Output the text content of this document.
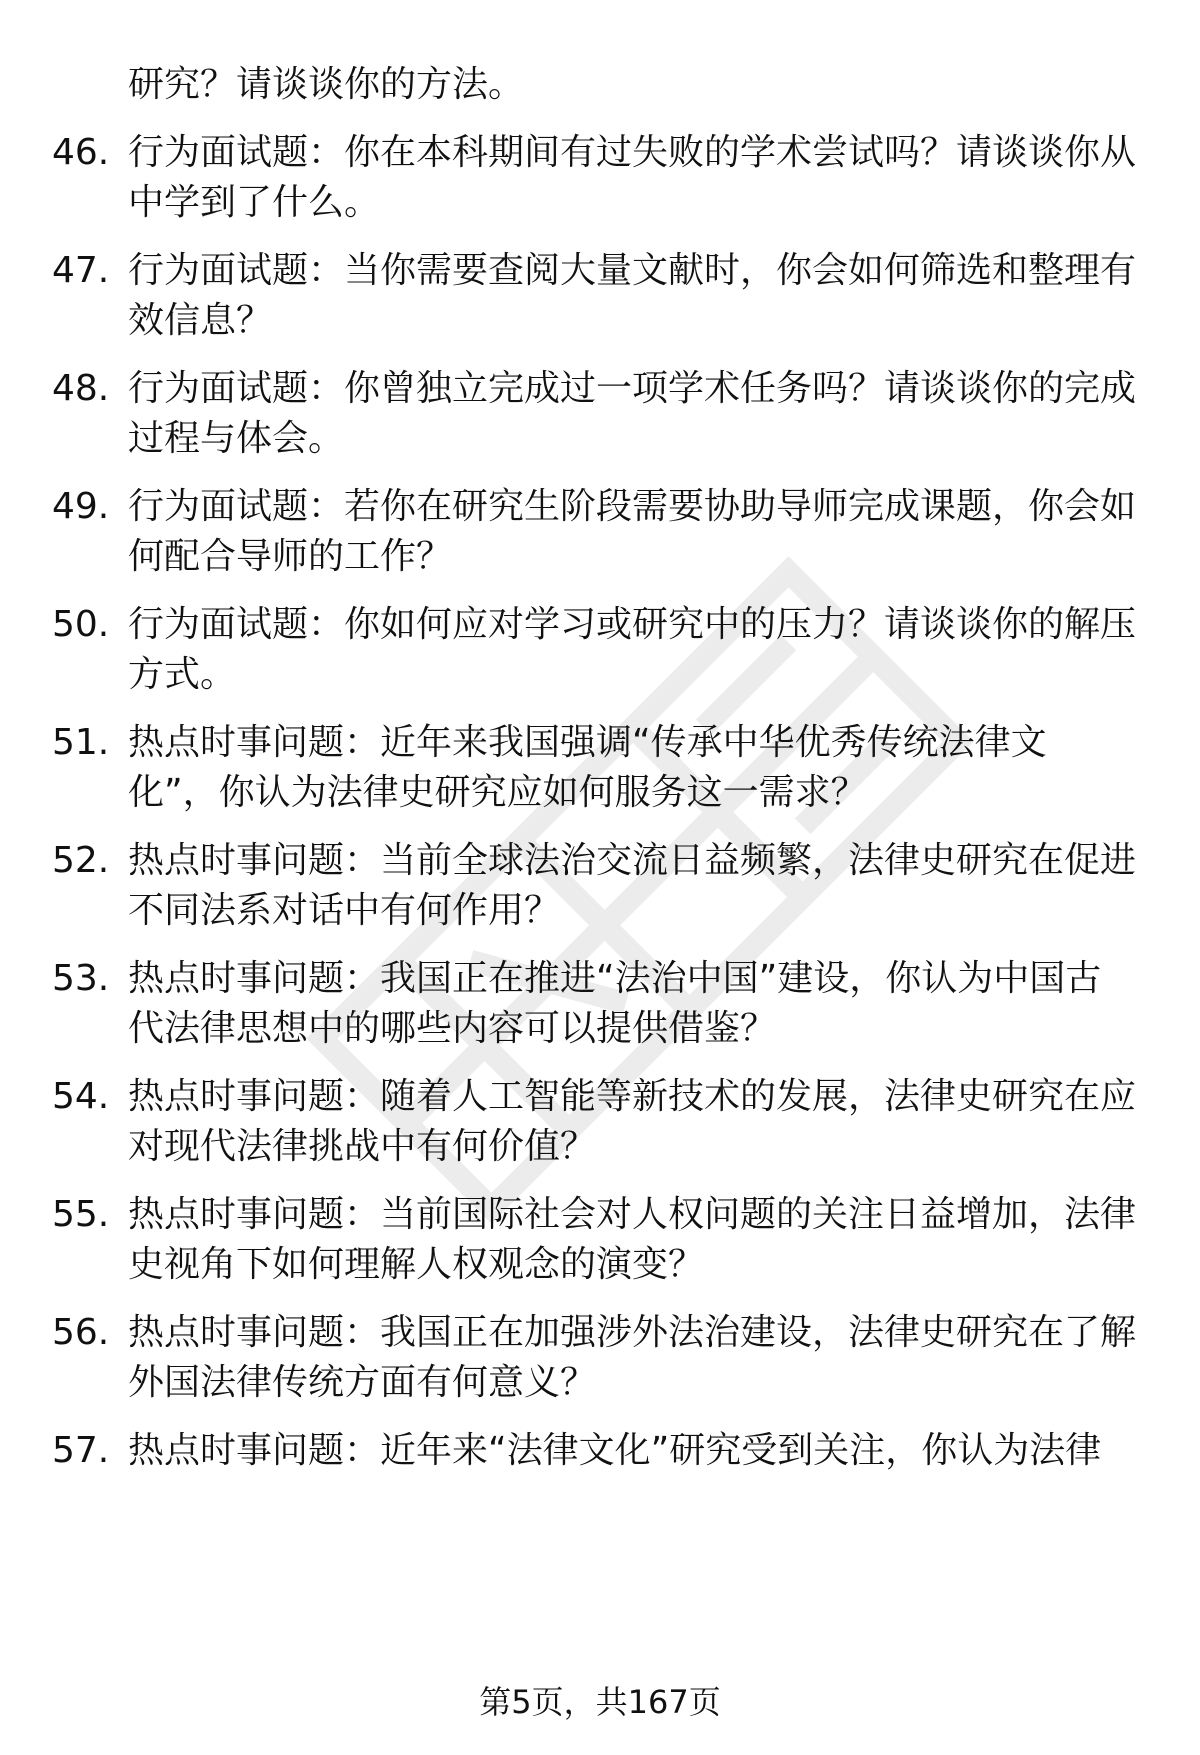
研究？请谈谈你的方法。
46. 行为面试题：你在本科期间有过失败的学术尝试吗？请谈谈你从
中学到了什么。
47. 行为面试题：当你需要查阅大量文献时，你会如何筛选和整理有
效信息？
48. 行为面试题：你曾独立完成过一项学术任务吗？请谈谈你的完成
过程与体会。
49. 行为面试题：若你在研究生阶段需要协助导师完成课题，你会如
何配合导师的工作？
50. 行为面试题：你如何应对学习或研究中的压力？请谈谈你的解压
方式。
51. 热点时事问题：近年来我国强调“传承中华优秀传统法律文
化”，你认为法律史研究应如何服务这一需求？
52. 热点时事问题：当前全球法治交流日益频繁，法律史研究在促进
不同法系对话中有何作用？
53. 热点时事问题：我国正在推进“法治中国”建设，你认为中国古
代法律思想中的哪些内容可以提供借鉴？
54. 热点时事问题：随着人工智能等新技术的发展，法律史研究在应
对现代法律挑战中有何价值？
55. 热点时事问题：当前国际社会对人权问题的关注日益增加，法律
史视角下如何理解人权观念的演变？
56. 热点时事问题：我国正在加强涉外法治建设，法律史研究在了解
外国法律传统方面有何意义？
57. 热点时事问题：近年来“法律文化”研究受到关注，你认为法律
第5页，共167页
